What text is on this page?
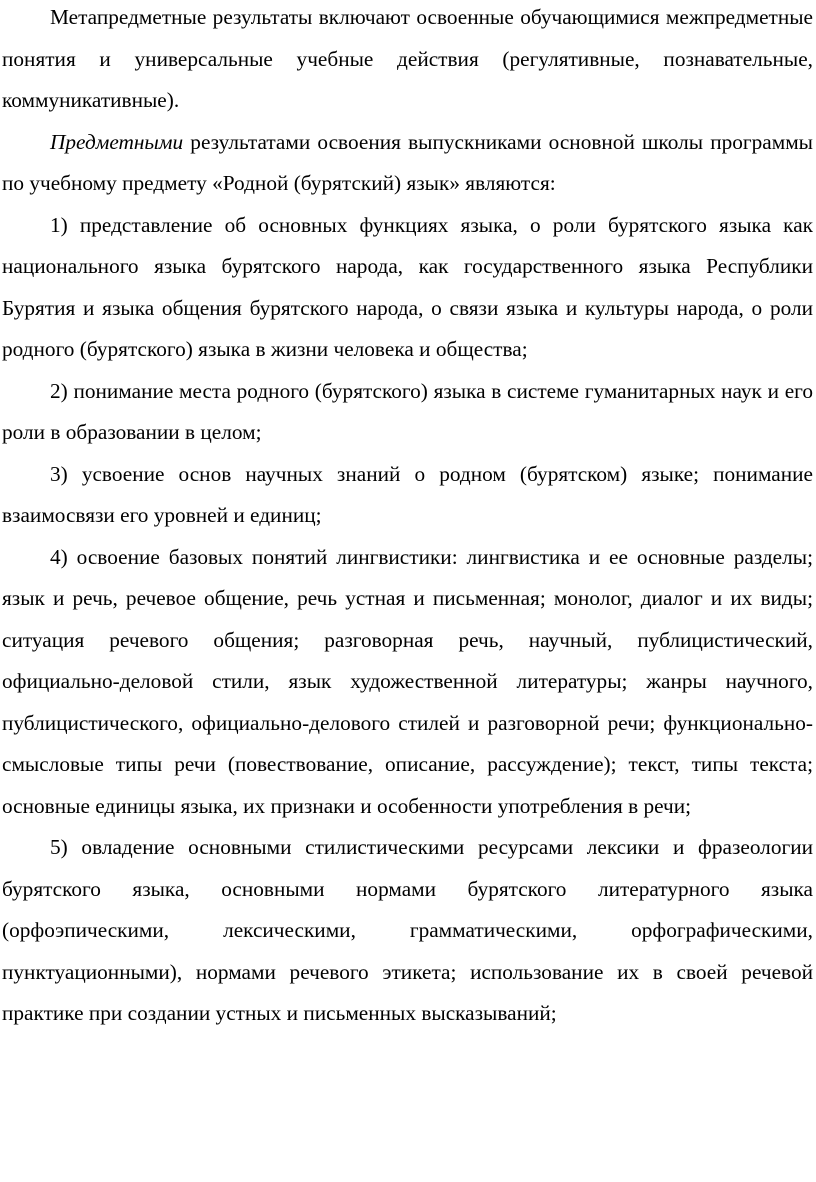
Метапредметные результаты включают освоенные обучающимися межпредметные понятия и универсальные учебные действия (регулятивные, познавательные, коммуникативные).

Предметными результатами освоения выпускниками основной школы программы по учебному предмету «Родной (бурятский) язык» являются:

1) представление об основных функциях языка, о роли бурятского языка как национального языка бурятского народа, как государственного языка Республики Бурятия и языка общения бурятского народа, о связи языка и культуры народа, о роли родного (бурятского) языка в жизни человека и общества;

2) понимание места родного (бурятского) языка в системе гуманитарных наук и его роли в образовании в целом;

3) усвоение основ научных знаний о родном (бурятском) языке; понимание взаимосвязи его уровней и единиц;

4) освоение базовых понятий лингвистики: лингвистика и ее основные разделы; язык и речь, речевое общение, речь устная и письменная; монолог, диалог и их виды; ситуация речевого общения; разговорная речь, научный, публицистический, официально-деловой стили, язык художественной литературы; жанры научного, публицистического, официально-делового стилей и разговорной речи; функционально-смысловые типы речи (повествование, описание, рассуждение); текст, типы текста; основные единицы языка, их признаки и особенности употребления в речи;

5) овладение основными стилистическими ресурсами лексики и фразеологии бурятского языка, основными нормами бурятского литературного языка (орфоэпическими, лексическими, грамматическими, орфографическими, пунктуационными), нормами речевого этикета; использование их в своей речевой практике при создании устных и письменных высказываний;
